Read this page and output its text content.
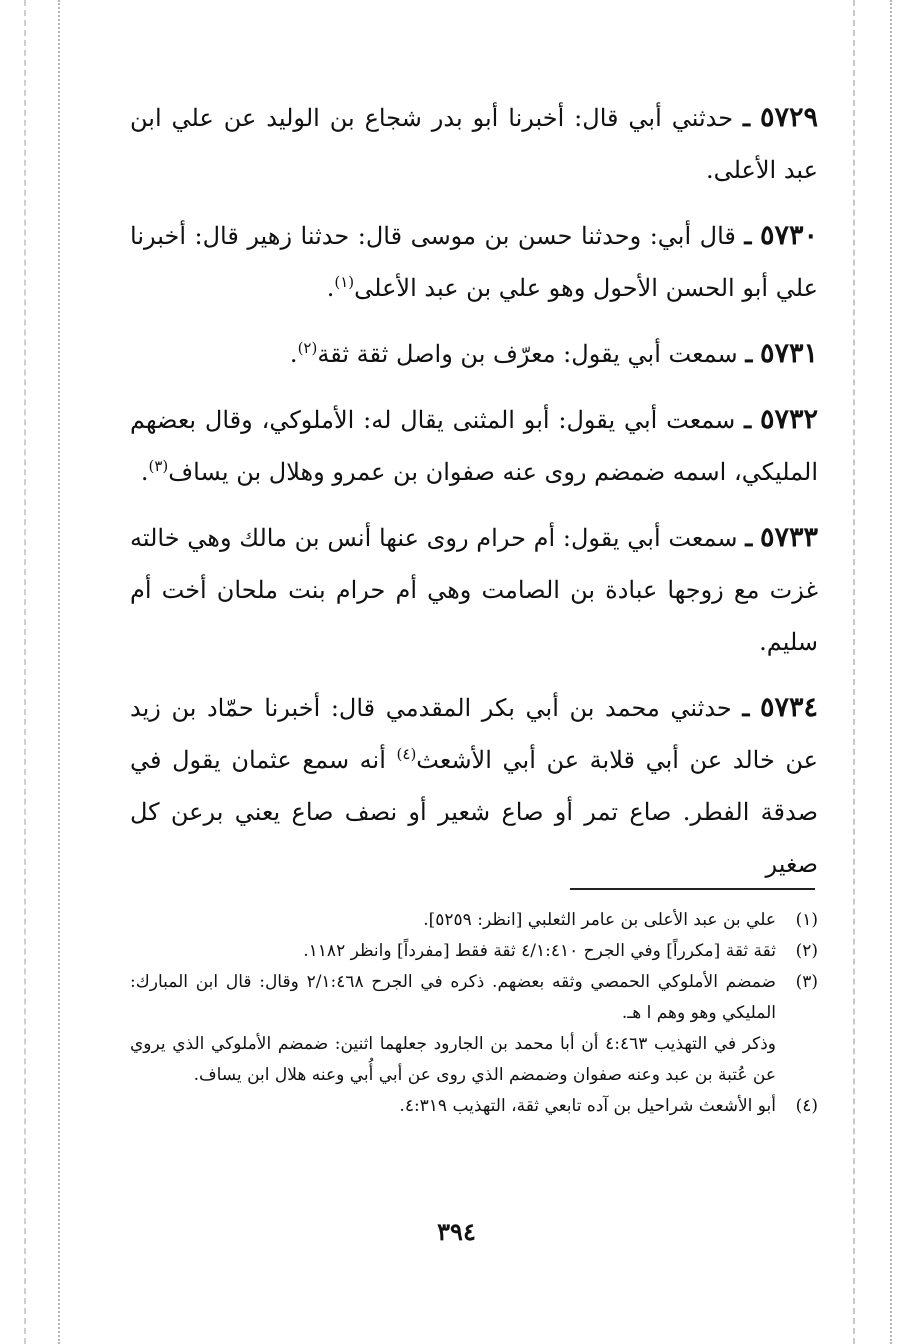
٥٧٢٩ ـ حدثني أبي قال: أخبرنا أبو بدر شجاع بن الوليد عن علي ابن عبد الأعلى.

٥٧٣٠ ـ قال أبي: وحدثنا حسن بن موسى قال: حدثنا زهير قال: أخبرنا علي أبو الحسن الأحول وهو علي بن عبد الأعلى$^{(١)}$.

٥٧٣١ ـ سمعت أبي يقول: معرّف بن واصل ثقة ثقة$^{(٢)}$.

٥٧٣٢ ـ سمعت أبي يقول: أبو المثنى يقال له: الأملوكي، وقال بعضهم المليكي، اسمه ضمضم روى عنه صفوان بن عمرو وهلال بن يساف$^{(٣)}$.

٥٧٣٣ ـ سمعت أبي يقول: أم حرام روى عنها أنس بن مالك وهي خالته غزت مع زوجها عبادة بن الصامت وهي أم حرام بنت ملحان أخت أم سليم.

٥٧٣٤ ـ حدثني محمد بن أبي بكر المقدمي قال: أخبرنا حمّاد بن زيد عن خالد عن أبي قلابة عن أبي الأشعث$^{(٤)}$ أنه سمع عثمان يقول في صدقة الفطر. صاع تمر أو صاع شعير أو نصف صاع يعني برعن كل صغير

(١)
علي بن عبد الأعلى بن عامر الثعلبي [انظر: ٥٢٥٩].
(٢)
ثقة ثقة [مكرراً] وفي الجرح ٤/١:٤١٠ ثقة فقط [مفرداً] وانظر ١١٨٢.
(٣)
ضمضم الأملوكي الحمصي وثقه بعضهم. ذكره في الجرح ٢/١:٤٦٨ وقال: قال ابن المبارك: المليكي وهو وهم ا هـ.
وذكر في التهذيب ٤:٤٦٣ أن أبا محمد بن الجارود جعلهما اثنين: ضمضم الأملوكي الذي يروي عن عُتبة بن عبد وعنه صفوان وضمضم الذي روى عن أبي أُبي وعنه هلال ابن يساف.
(٤)
أبو الأشعث شراحيل بن آده تابعي ثقة، التهذيب ٤:٣١٩.
٣٩٤
